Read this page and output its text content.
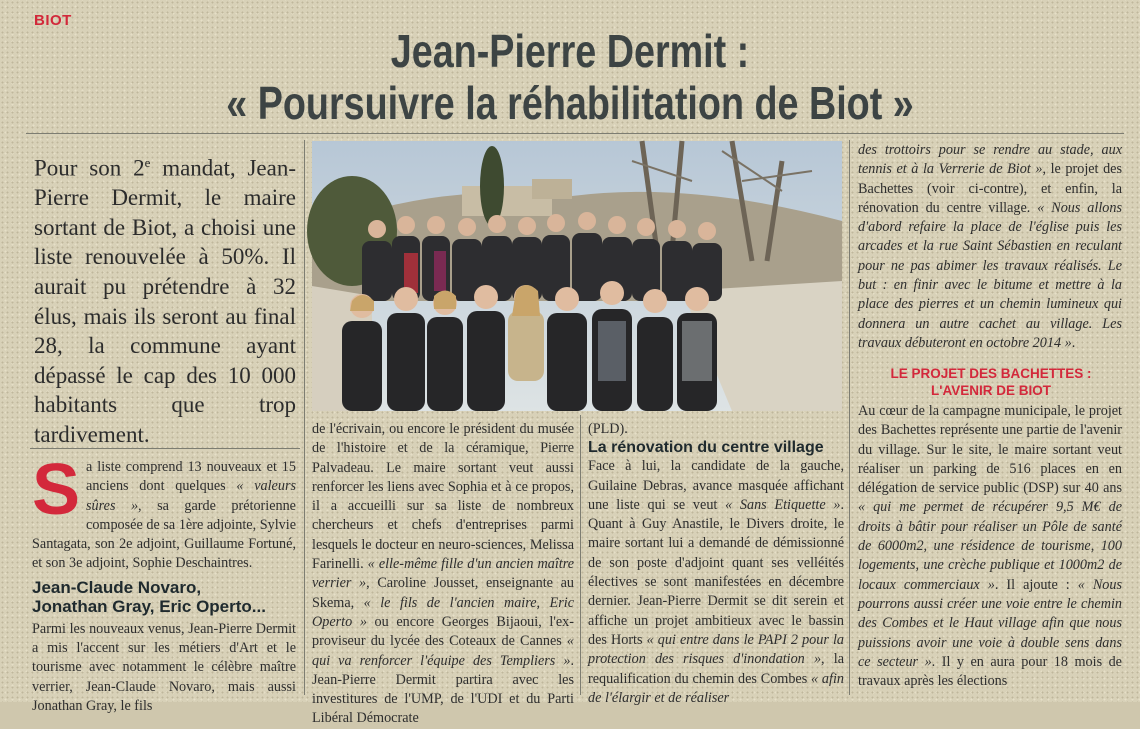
BIOT
Jean-Pierre Dermit :
« Poursuivre la réhabilitation de Biot »

Pour son 2e mandat, Jean-Pierre Dermit, le maire sortant de Biot, a choisi une liste renouvelée à 50%. Il aurait pu prétendre à 32 élus, mais ils seront au final 28, la commune ayant dépassé le cap des 10 000 habitants que trop tardivement.

Sa liste comprend 13 nouveaux et 15 anciens dont quelques « valeurs sûres », sa garde prétorienne composée de sa 1ère adjointe, Sylvie Santagata, son 2e adjoint, Guillaume Fortuné, et son 3e adjoint, Sophie Deschaintres.

Jean-Claude Novaro,
Jonathan Gray, Eric Operto...

Parmi les nouveaux venus, Jean-Pierre Dermit a mis l'accent sur les métiers d'Art et le tourisme avec notamment le célèbre maître verrier, Jean-Claude Novaro, mais aussi Jonathan Gray, le fils

de l'écrivain, ou encore le président du musée de l'histoire et de la céramique, Pierre Palvadeau. Le maire sortant veut aussi renforcer les liens avec Sophia et à ce propos, il a accueilli sur sa liste de nombreux chercheurs et chefs d'entreprises parmi lesquels le docteur en neuro-sciences, Melissa Farinelli. « elle-même fille d'un ancien maître verrier », Caroline Jousset, enseignante au Skema, « le fils de l'ancien maire, Eric Operto » ou encore Georges Bijaoui, l'ex-proviseur du lycée des Coteaux de Cannes « qui va renforcer l'équipe des Templiers ». Jean-Pierre Dermit partira avec les investitures de l'UMP, de l'UDI et du Parti Libéral Démocrate

(PLD).

La rénovation du centre village

Face à lui, la candidate de la gauche, Guilaine Debras, avance masquée affichant une liste qui se veut « Sans Etiquette ». Quant à Guy Anastile, le Divers droite, le maire sortant lui a demandé de démissionné de son poste d'adjoint quant ses velléités électives se sont manifestées en décembre dernier. Jean-Pierre Dermit se dit serein et affiche un projet ambitieux avec le bassin des Horts « qui entre dans le PAPI 2 pour la protection des risques d'inondation », la requalification du chemin des Combes « afin de l'élargir et de réaliser

des trottoirs pour se rendre au stade, aux tennis et à la Verrerie de Biot », le projet des Bachettes (voir ci-contre), et enfin, la rénovation du centre village. « Nous allons d'abord refaire la place de l'église puis les arcades et la rue Saint Sébastien en reculant pour ne pas abimer les travaux réalisés. Le but : en finir avec le bitume et mettre à la place des pierres et un chemin lumineux qui donnera un autre cachet au village. Les travaux débuteront en octobre 2014 ».

LE PROJET DES BACHETTES :
L'AVENIR DE BIOT

Au cœur de la campagne municipale, le projet des Bachettes représente une partie de l'avenir du village. Sur le site, le maire sortant veut réaliser un parking de 516 places en en délégation de service public (DSP) sur 40 ans « qui me permet de récupérer 9,5 M€ de droits à bâtir pour réaliser un Pôle de santé de 6000m2, une résidence de tourisme, 100 logements, une crèche publique et 1000m2 de locaux commerciaux ». Il ajoute : « Nous pourrons aussi créer une voie entre le chemin des Combes et le Haut village afin que nous puissions avoir une voie à double sens dans ce secteur ». Il y en aura pour 18 mois de travaux après les élections
